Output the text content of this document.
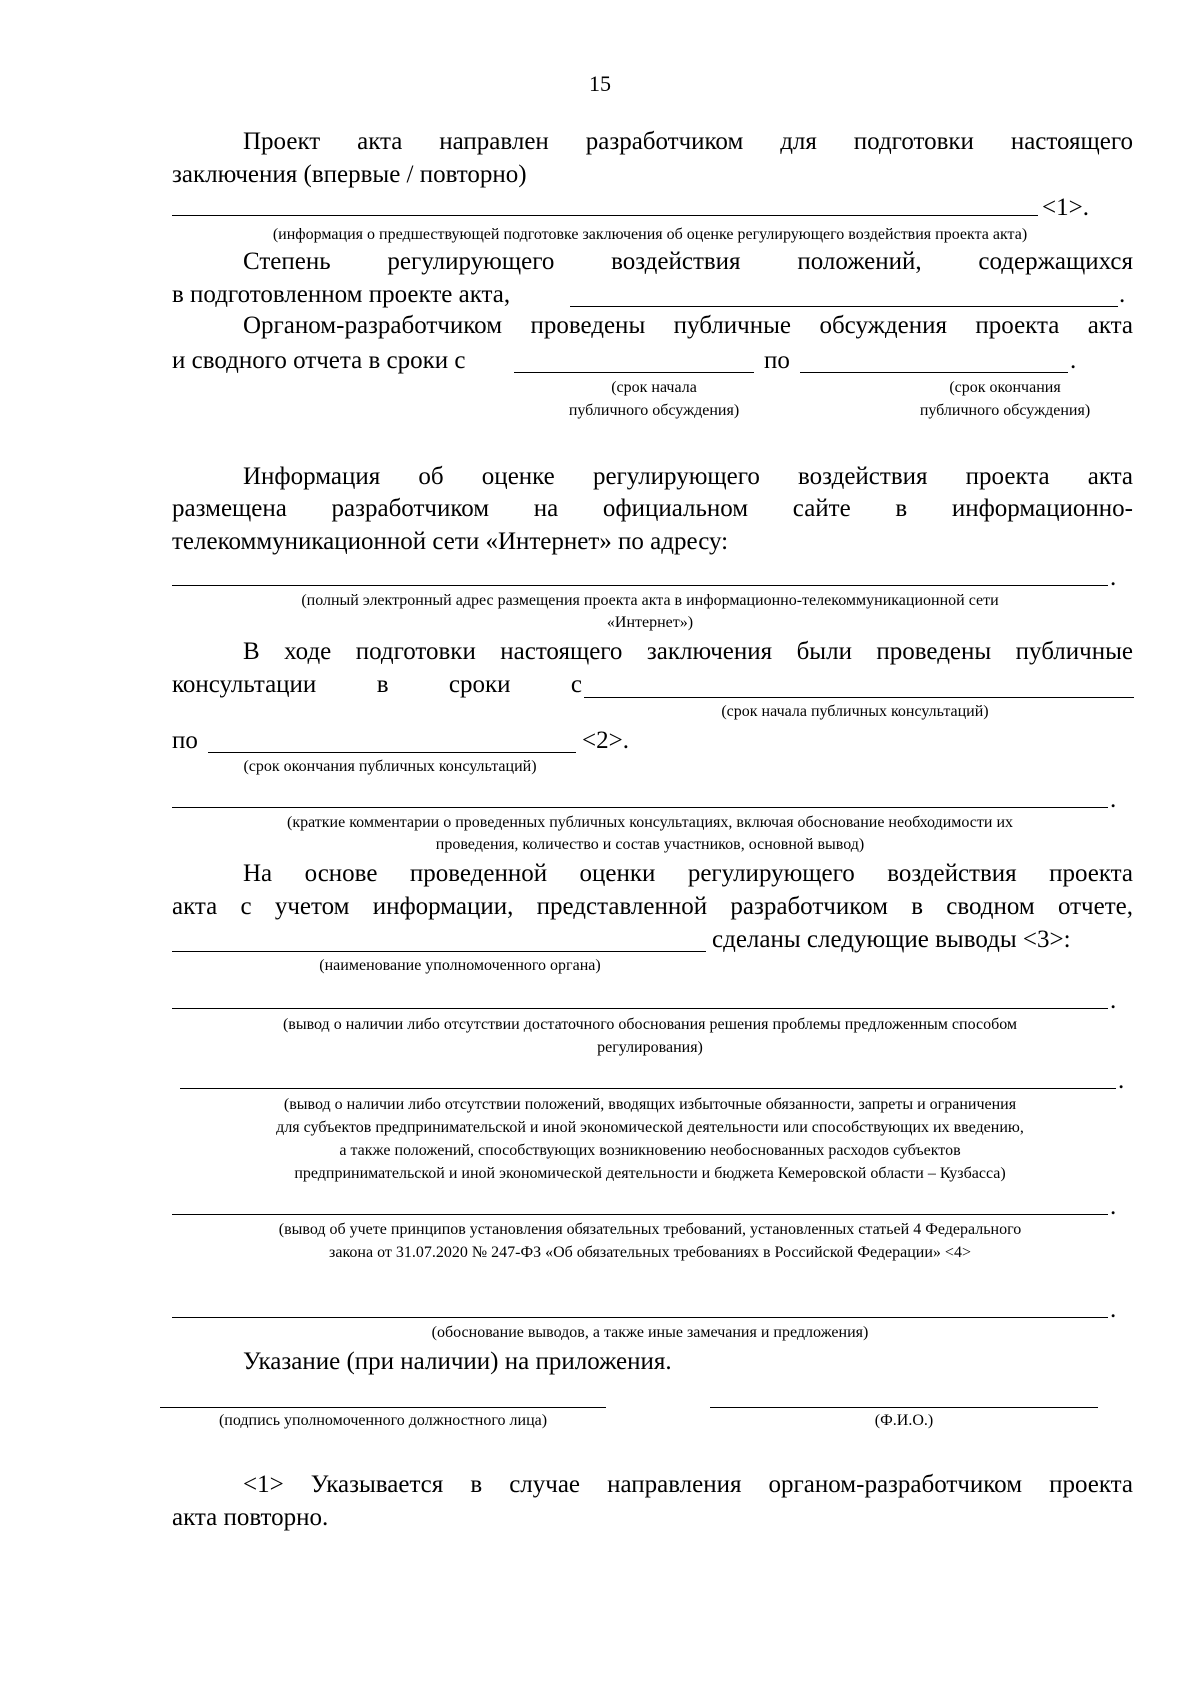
15
Проект акта направлен разработчиком для подготовки настоящего
заключения (впервые / повторно)
<1>.
(информация о предшествующей подготовке заключения об оценке регулирующего воздействия проекта акта)
Степень регулирующего воздействия положений, содержащихся
в подготовленном проекте акта,	.
Органом-разработчиком проведены публичные обсуждения проекта акта
и сводного отчета в сроки с	по	.
(срок начала
публичного обсуждения)
(срок окончания
публичного обсуждения)
Информация об оценке регулирующего воздействия проекта акта
размещена разработчиком на официальном сайте в информационно-
телекоммуникационной сети «Интернет» по адресу:
.
(полный электронный адрес размещения проекта акта в информационно-телекоммуникационной сети
«Интернет»)
В ходе подготовки настоящего заключения были проведены публичные
консультации в сроки с
(срок начала публичных консультаций)
по	<2>.
(срок окончания публичных консультаций)
.
(краткие комментарии о проведенных публичных консультациях, включая обоснование необходимости их
проведения, количество и состав участников, основной вывод)
На основе проведенной оценки регулирующего воздействия проекта
акта с учетом информации, представленной разработчиком в сводном отчете,
сделаны следующие выводы <3>:
(наименование уполномоченного органа)
.
(вывод о наличии либо отсутствии достаточного обоснования решения проблемы предложенным способом
регулирования)
.
(вывод о наличии либо отсутствии положений, вводящих избыточные обязанности, запреты и ограничения
для субъектов предпринимательской и иной экономической деятельности или способствующих их введению,
а также положений, способствующих возникновению необоснованных расходов субъектов
предпринимательской и иной экономической деятельности и бюджета Кемеровской области – Кузбасса)
.
(вывод об учете принципов установления обязательных требований, установленных статьей 4 Федерального
закона от 31.07.2020 № 247-ФЗ «Об обязательных требованиях в Российской Федерации» <4>
.
(обоснование выводов, а также иные замечания и предложения)
Указание (при наличии) на приложения.
(подпись уполномоченного должностного лица)	(Ф.И.О.)
<1> Указывается в случае направления органом-разработчиком проекта
акта повторно.
